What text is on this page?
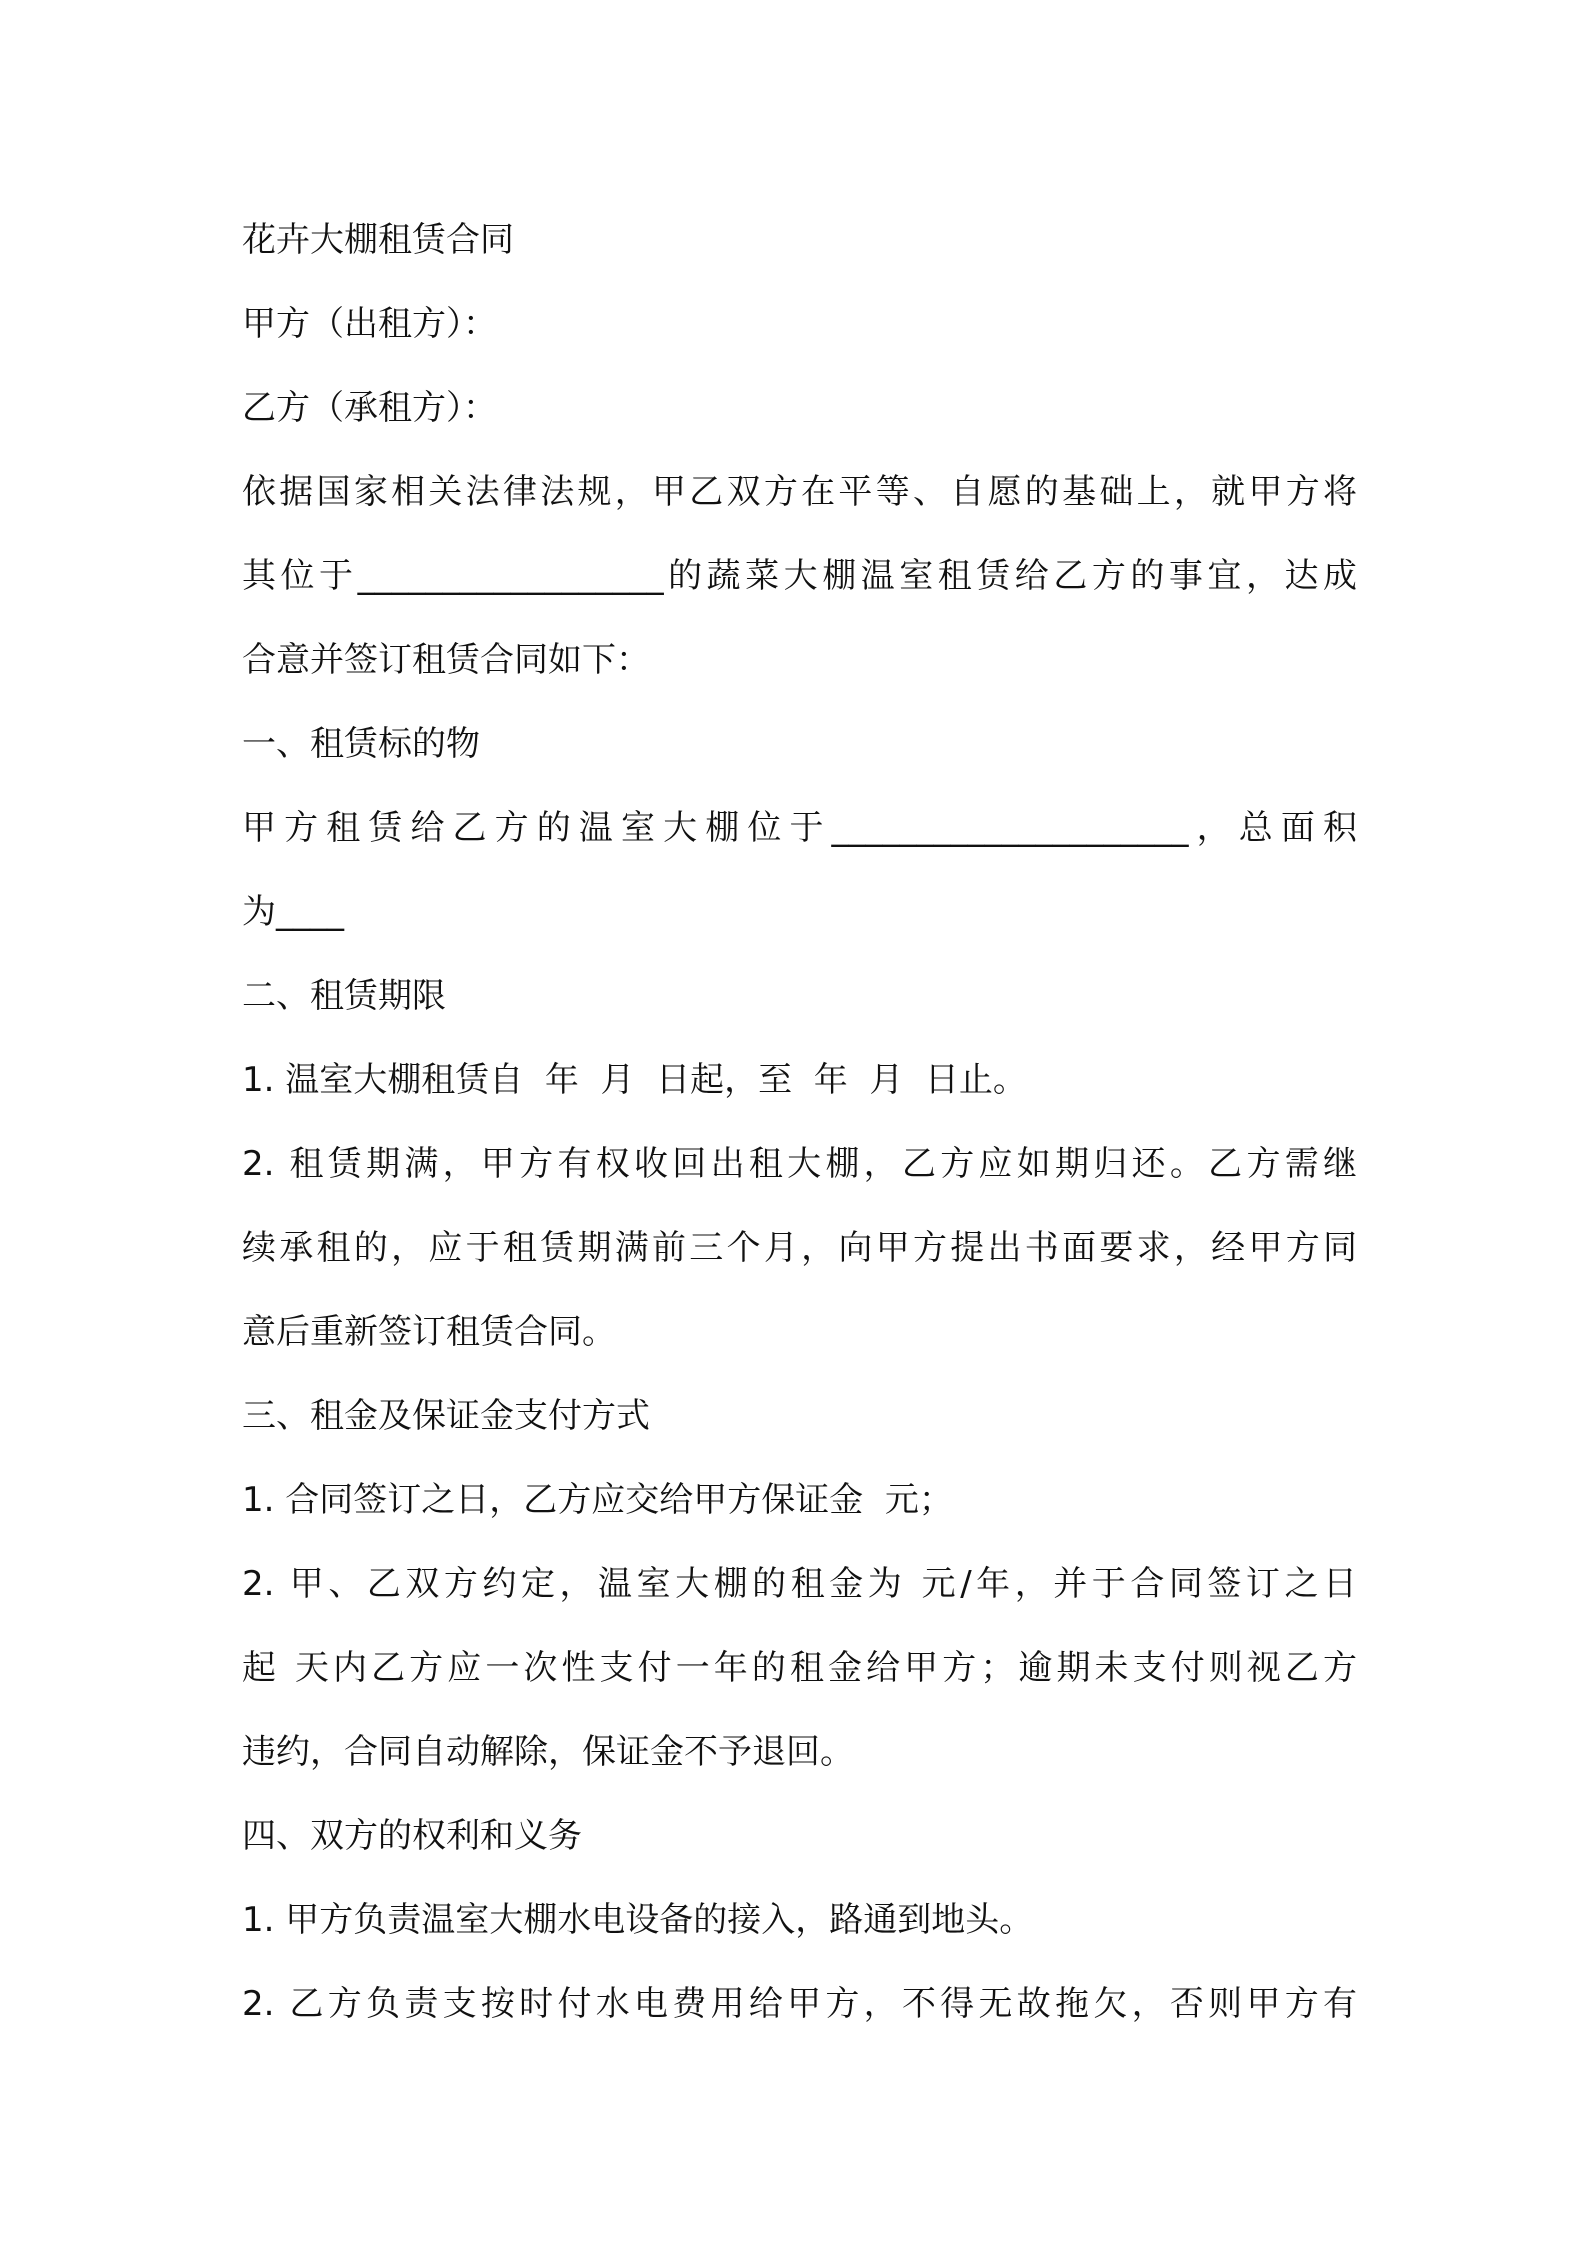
花卉大棚租赁合同
甲方（出租方）：
乙方（承租方）：
依据国家相关法律法规，甲乙双方在平等、自愿的基础上，就甲方将
其位于__________________的蔬菜大棚温室租赁给乙方的事宜，达成
合意并签订租赁合同如下：
一、租赁标的物
甲方租赁给乙方的温室大棚位于_____________________，总面积
为____
二、租赁期限
1. 温室大棚租赁自  年  月  日起，至  年  月  日止。
2. 租赁期满，甲方有权收回出租大棚，乙方应如期归还。乙方需继
续承租的，应于租赁期满前三个月，向甲方提出书面要求，经甲方同
意后重新签订租赁合同。
三、租金及保证金支付方式
1. 合同签订之日，乙方应交给甲方保证金  元；
2. 甲、乙双方约定，温室大棚的租金为 元/年，并于合同签订之日
起 天内乙方应一次性支付一年的租金给甲方；逾期未支付则视乙方
违约，合同自动解除，保证金不予退回。
四、双方的权利和义务
1. 甲方负责温室大棚水电设备的接入，路通到地头。
2. 乙方负责支按时付水电费用给甲方，不得无故拖欠，否则甲方有
